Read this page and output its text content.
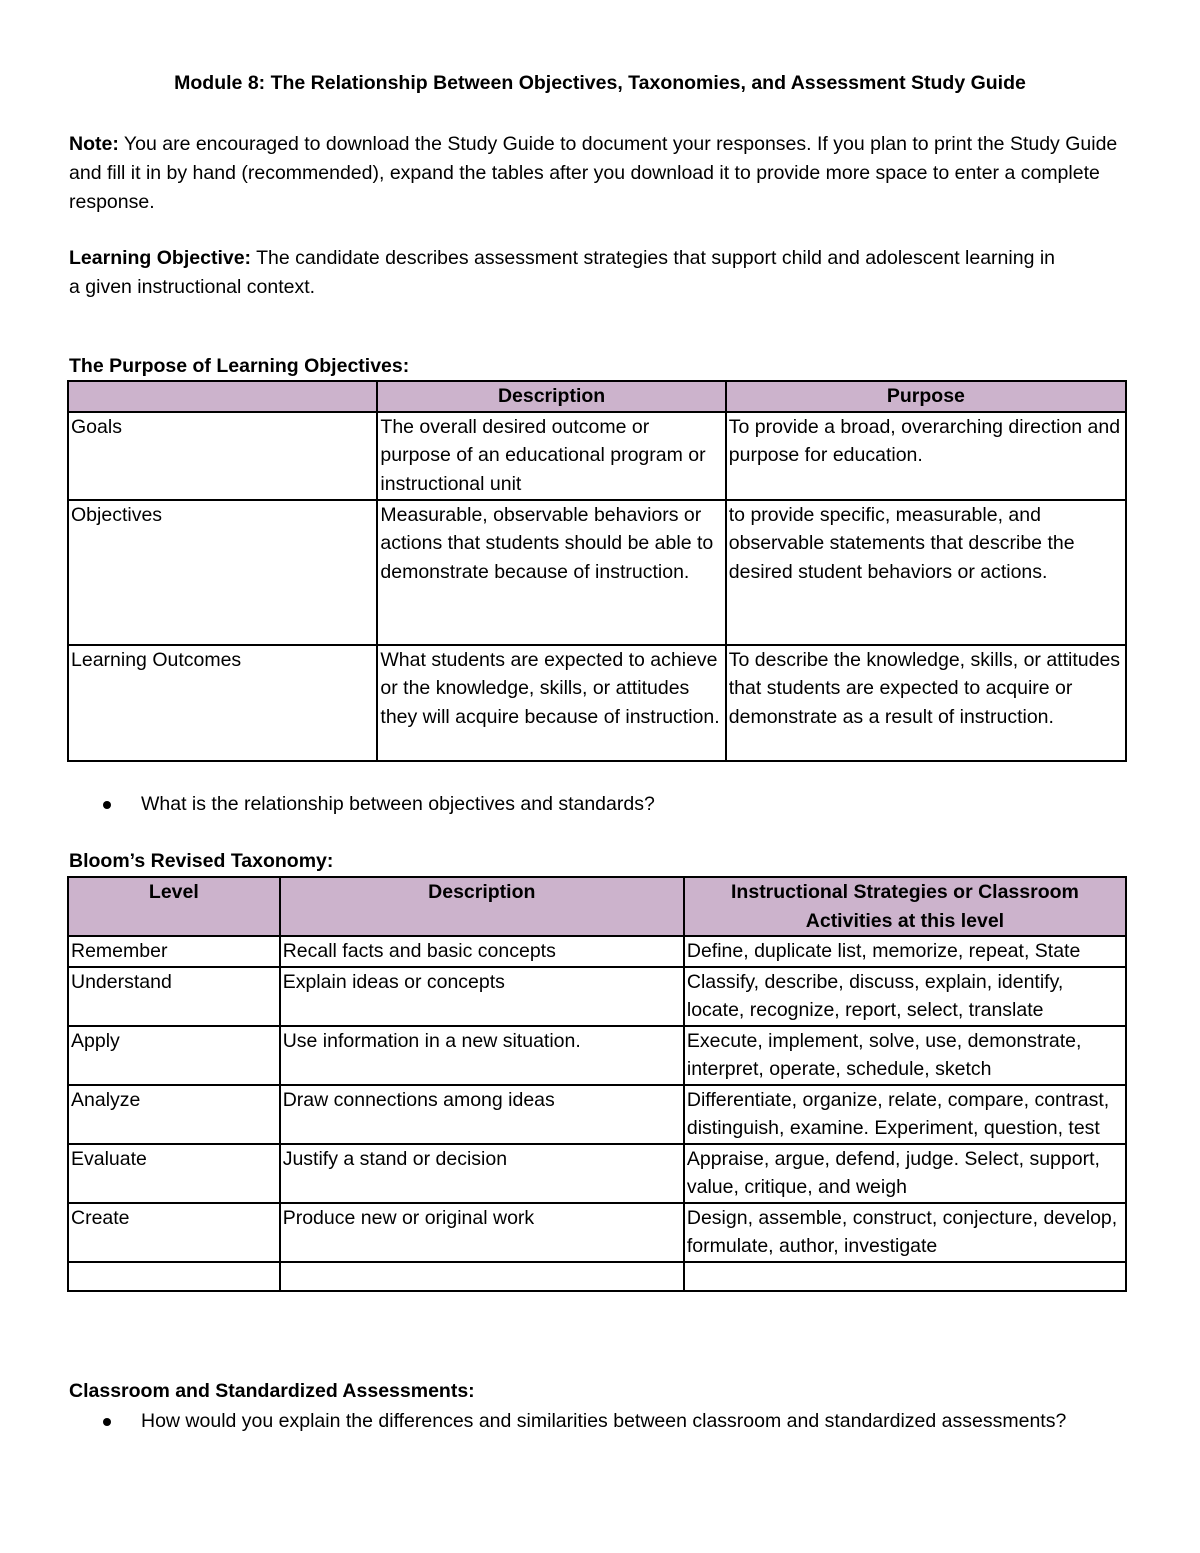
Module 8: The Relationship Between Objectives, Taxonomies, and Assessment Study Guide
Note: You are encouraged to download the Study Guide to document your responses. If you plan to print the Study Guide and fill it in by hand (recommended), expand the tables after you download it to provide more space to enter a complete response.
Learning Objective: The candidate describes assessment strategies that support child and adolescent learning in a given instructional context.
The Purpose of Learning Objectives:
	Description	Purpose
Goals	The overall desired outcome or purpose of an educational program or instructional unit	To provide a broad, overarching direction and purpose for education.
Objectives	Measurable, observable behaviors or actions that students should be able to demonstrate because of instruction.	to provide specific, measurable, and observable statements that describe the desired student behaviors or actions.
Learning Outcomes	What students are expected to achieve or the knowledge, skills, or attitudes they will acquire because of instruction.	To describe the knowledge, skills, or attitudes that students are expected to acquire or demonstrate as a result of instruction.
What is the relationship between objectives and standards?
Bloom’s Revised Taxonomy:
Level	Description	Instructional Strategies or Classroom Activities at this level
Remember	Recall facts and basic concepts	Define, duplicate list, memorize, repeat, State
Understand	Explain ideas or concepts	Classify, describe, discuss, explain, identify, locate, recognize, report, select, translate
Apply	Use information in a new situation.	Execute, implement, solve, use, demonstrate, interpret, operate, schedule, sketch
Analyze	Draw connections among ideas	Differentiate, organize, relate, compare, contrast, distinguish, examine. Experiment, question, test
Evaluate	Justify a stand or decision	Appraise, argue, defend, judge. Select, support, value, critique, and weigh
Create	Produce new or original work	Design, assemble, construct, conjecture, develop, formulate, author, investigate

Classroom and Standardized Assessments:
How would you explain the differences and similarities between classroom and standardized assessments?
